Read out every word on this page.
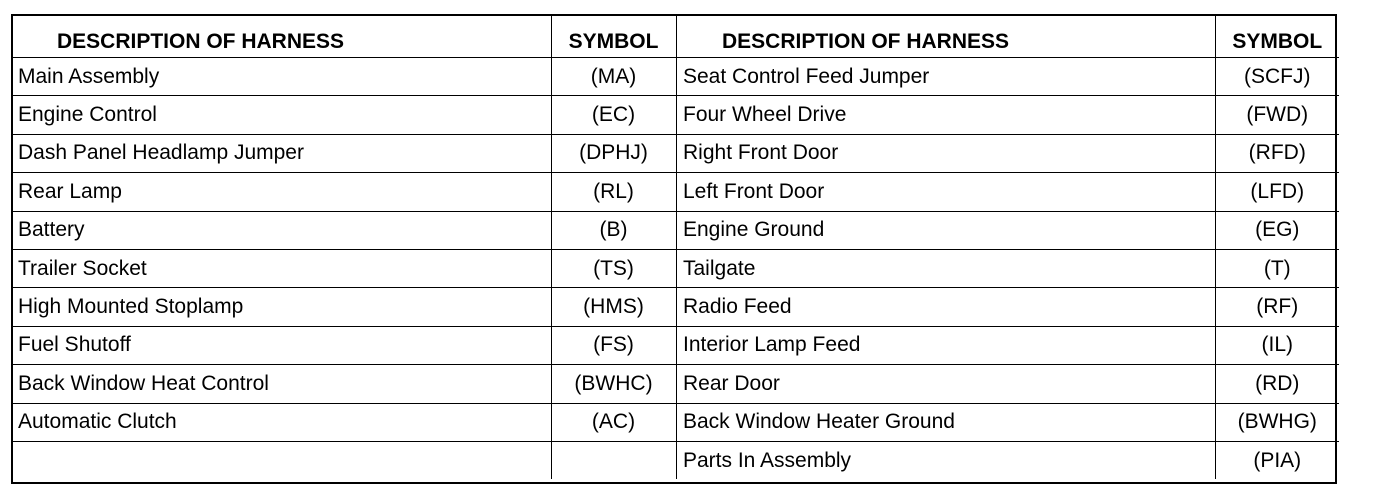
DESCRIPTION OF HARNESS	SYMBOL
Main Assembly	(MA)
Engine Control	(EC)
Dash Panel Headlamp Jumper	(DPHJ)
Rear Lamp	(RL)
Battery	(B)
Trailer Socket	(TS)
High Mounted Stoplamp	(HMS)
Fuel Shutoff	(FS)
Back Window Heat Control	(BWHC)
Automatic Clutch	(AC)

DESCRIPTION OF HARNESS	SYMBOL
Seat Control Feed Jumper	(SCFJ)
Four Wheel Drive	(FWD)
Right Front Door	(RFD)
Left Front Door	(LFD)
Engine Ground	(EG)
Tailgate	(T)
Radio Feed	(RF)
Interior Lamp Feed	(IL)
Rear Door	(RD)
Back Window Heater Ground	(BWHG)
Parts In Assembly	(PIA)
